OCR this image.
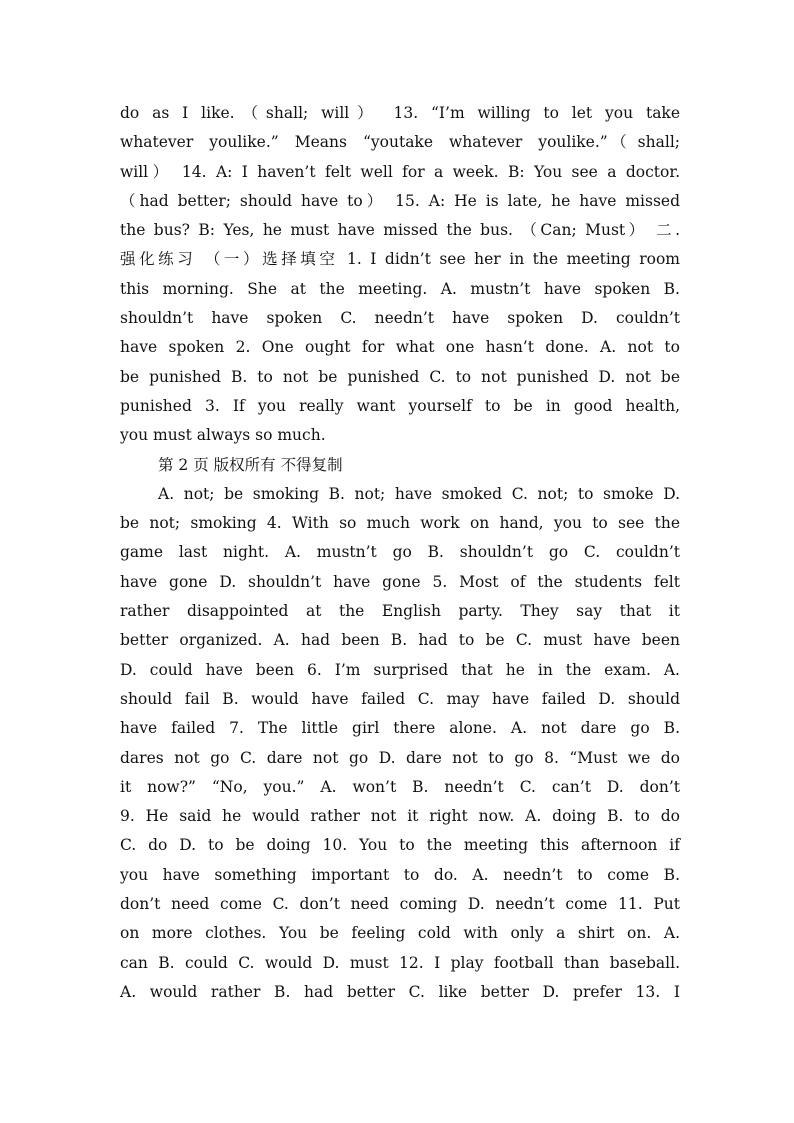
do as I like.（shall; will） 13. “I’m willing to let you take
whatever youlike.” Means “youtake whatever youlike.”（shall;
will） 14. A: I haven’t felt well for a week. B: You see a doctor.
（had better; should have to） 15. A: He is late, he have missed
the bus? B: Yes, he must have missed the bus. （Can; Must） 二.
强化练习 （一）选择填空 1. I didn’t see her in the meeting room
this morning. She at the meeting. A. mustn’t have spoken B.
shouldn’t have spoken C. needn’t have spoken D. couldn’t
have spoken 2. One ought for what one hasn’t done. A. not to
be punished B. to not be punished C. to not punished D. not be
punished 3. If you really want yourself to be in good health,
you must always so much.
第 2 页 版权所有 不得复制
A. not; be smoking B. not; have smoked C. not; to smoke D.
be not; smoking 4. With so much work on hand, you to see the
game last night. A. mustn’t go B. shouldn’t go C. couldn’t
have gone D. shouldn’t have gone 5. Most of the students felt
rather disappointed at the English party. They say that it
better organized. A. had been B. had to be C. must have been
D. could have been 6. I’m surprised that he in the exam. A.
should fail B. would have failed C. may have failed D. should
have failed 7. The little girl there alone. A. not dare go B.
dares not go C. dare not go D. dare not to go 8. “Must we do
it now?” “No, you.” A. won’t B. needn’t C. can’t D. don’t
9. He said he would rather not it right now. A. doing B. to do
C. do D. to be doing 10. You to the meeting this afternoon if
you have something important to do. A. needn’t to come B.
don’t need come C. don’t need coming D. needn’t come 11. Put
on more clothes. You be feeling cold with only a shirt on. A.
can B. could C. would D. must 12. I play football than baseball.
A. would rather B. had better C. like better D. prefer 13. I
